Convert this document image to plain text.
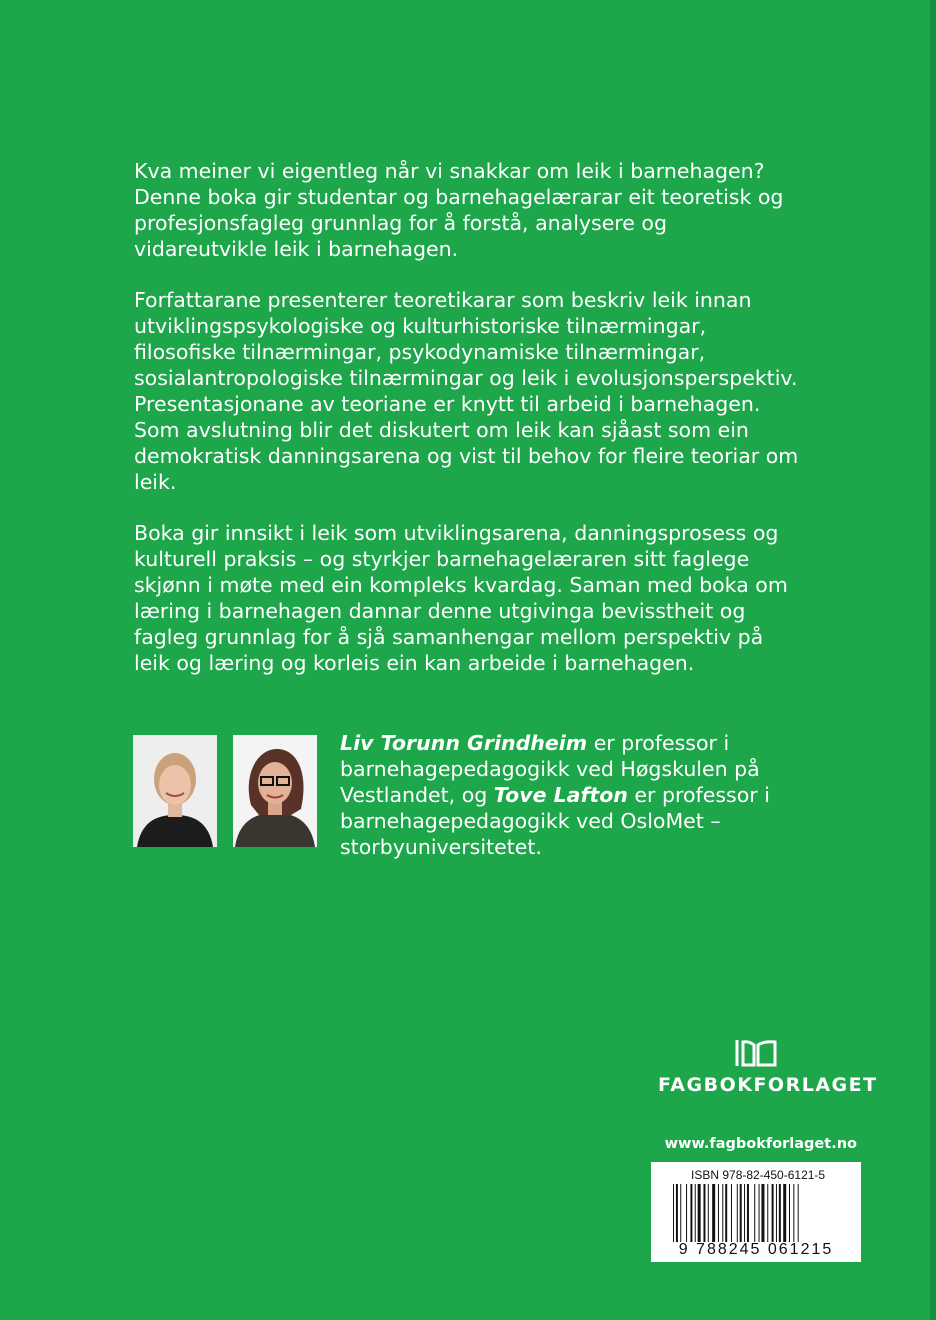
Kva meiner vi eigentleg når vi snakkar om leik i barnehagen? Denne boka gir studentar og barnehagelærarar eit teoretisk og profesjonsfagleg grunnlag for å forstå, analysere og vidareutvikle leik i barnehagen.

Forfattarane presenterer teoretikarar som beskriv leik innan utviklingspsykologiske og kulturhistoriske tilnærmingar, filosofiske tilnærmingar, psykodynamiske tilnærmingar, sosialantropologiske tilnærmingar og leik i evolusjonsperspektiv. Presentasjonane av teoriane er knytt til arbeid i barnehagen. Som avslutning blir det diskutert om leik kan sjåast som ein demokratisk danningsarena og vist til behov for fleire teoriar om leik.

Boka gir innsikt i leik som utviklingsarena, danningsprosess og kulturell praksis – og styrkjer barnehagelæraren sitt faglege skjønn i møte med ein kompleks kvardag. Saman med boka om læring i barnehagen dannar denne utgivinga bevisstheit og fagleg grunnlag for å sjå samanhengar mellom perspektiv på leik og læring og korleis ein kan arbeide i barnehagen.

Liv Torunn Grindheim er professor i barnehagepedagogikk ved Høgskulen på Vestlandet, og Tove Lafton er professor i barnehagepedagogikk ved OsloMet – storbyuniversitetet.
FAGBOKFORLAGET
www.fagbokforlaget.no
ISBN 978-82-450-6121-5
9 788245 061215
